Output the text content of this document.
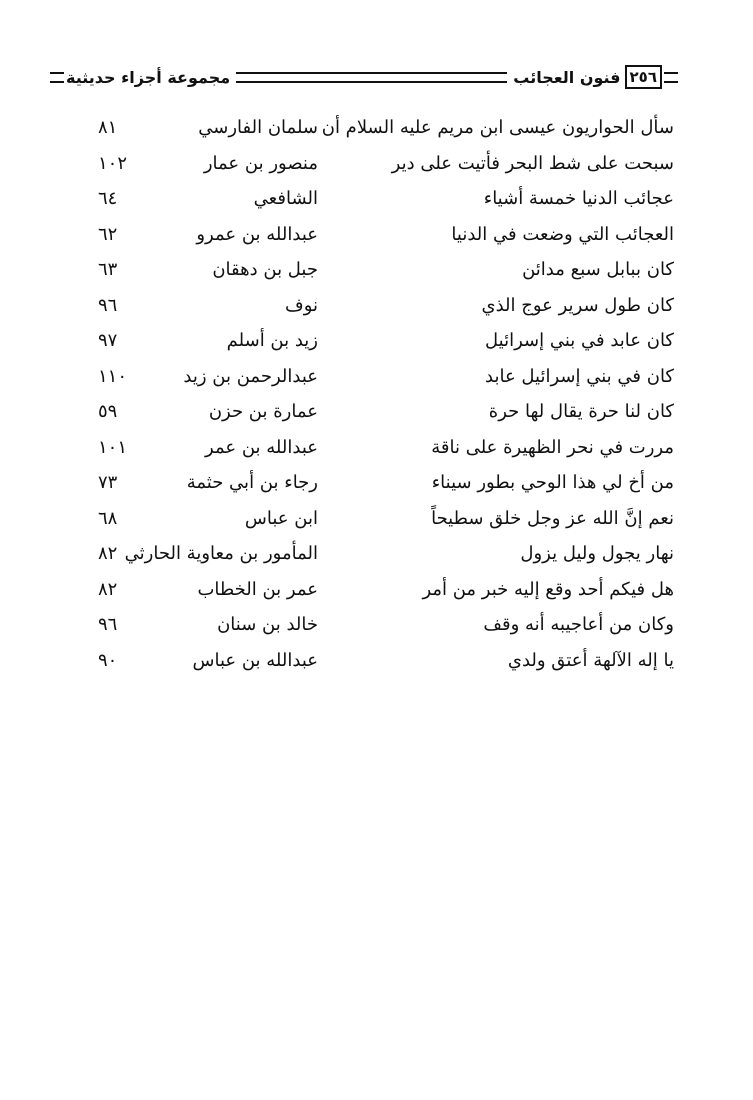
٢٥٦
فنون العجائب
مجموعة أجزاء حديثية
سأل الحواريون عيسى ابن مريم عليه السلام أن
سلمان الفارسي
٨١
سبحت على شط البحر فأتيت على دير
منصور بن عمار
١٠٢
عجائب الدنيا خمسة أشياء
الشافعي
٦٤
العجائب التي وضعت في الدنيا
عبدالله بن عمرو
٦٢
كان ببابل سبع مدائن
جبل بن دهقان
٦٣
كان طول سرير عوج الذي
نوف
٩٦
كان عابد في بني إسرائيل
زيد بن أسلم
٩٧
كان في بني إسرائيل عابد
عبدالرحمن بن زيد
١١٠
كان لنا حرة يقال لها حرة
عمارة بن حزن
٥٩
مررت في نحر الظهيرة على ناقة
عبدالله بن عمر
١٠١
من أخ لي هذا الوحي بطور سيناء
رجاء بن أبي حثمة
٧٣
نعم إنَّ الله عز وجل خلق سطيحاً
ابن عباس
٦٨
نهار يجول وليل يزول
المأمور بن معاوية الحارثي
٨٢
هل فيكم أحد وقع إليه خبر من أمر
عمر بن الخطاب
٨٢
وكان من أعاجيبه أنه وقف
خالد بن سنان
٩٦
يا إله الآلهة أعتق ولدي
عبدالله بن عباس
٩٠
